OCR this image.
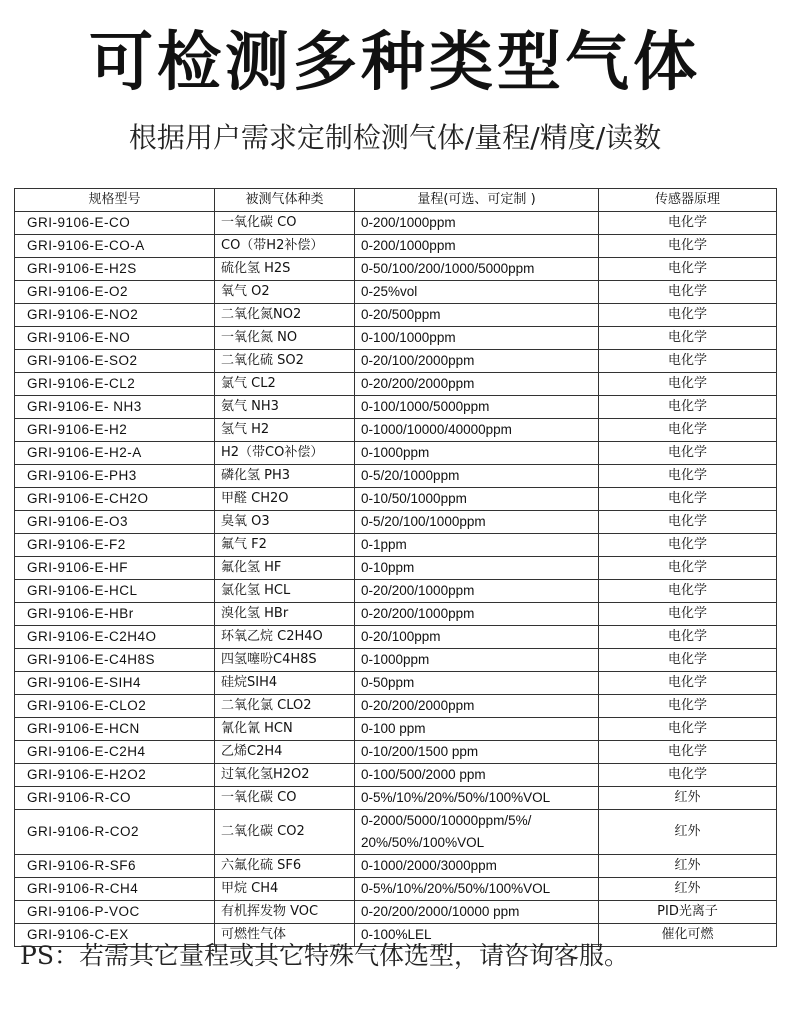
可检测多种类型气体
根据用户需求定制检测气体/量程/精度/读数
规格型号	被测气体种类	量程(可选、可定制 )	传感器原理
GRI-9106-E-CO	一氧化碳 CO	0-200/1000ppm	电化学
GRI-9106-E-CO-A	CO（带H2补偿）	0-200/1000ppm	电化学
GRI-9106-E-H2S	硫化氢 H2S	0-50/100/200/1000/5000ppm	电化学
GRI-9106-E-O2	氧气 O2	0-25%vol	电化学
GRI-9106-E-NO2	二氧化氮NO2	0-20/500ppm	电化学
GRI-9106-E-NO	一氧化氮 NO	0-100/1000ppm	电化学
GRI-9106-E-SO2	二氧化硫 SO2	0-20/100/2000ppm	电化学
GRI-9106-E-CL2	氯气 CL2	0-20/200/2000ppm	电化学
GRI-9106-E- NH3	氨气 NH3	0-100/1000/5000ppm	电化学
GRI-9106-E-H2	氢气 H2	0-1000/10000/40000ppm	电化学
GRI-9106-E-H2-A	H2（带CO补偿）	0-1000ppm	电化学
GRI-9106-E-PH3	磷化氢 PH3	0-5/20/1000ppm	电化学
GRI-9106-E-CH2O	甲醛 CH2O	0-10/50/1000ppm	电化学
GRI-9106-E-O3	臭氧 O3	0-5/20/100/1000ppm	电化学
GRI-9106-E-F2	氟气 F2	0-1ppm	电化学
GRI-9106-E-HF	氟化氢 HF	0-10ppm	电化学
GRI-9106-E-HCL	氯化氢 HCL	0-20/200/1000ppm	电化学
GRI-9106-E-HBr	溴化氢 HBr	0-20/200/1000ppm	电化学
GRI-9106-E-C2H4O	环氧乙烷 C2H4O	0-20/100ppm	电化学
GRI-9106-E-C4H8S	四氢噻吩C4H8S	0-1000ppm	电化学
GRI-9106-E-SIH4	硅烷SIH4	0-50ppm	电化学
GRI-9106-E-CLO2	二氧化氯 CLO2	0-20/200/2000ppm	电化学
GRI-9106-E-HCN	氰化氰 HCN	0-100 ppm	电化学
GRI-9106-E-C2H4	乙烯C2H4	0-10/200/1500 ppm	电化学
GRI-9106-E-H2O2	过氧化氢H2O2	0-100/500/2000 ppm	电化学
GRI-9106-R-CO	一氧化碳 CO	0-5%/10%/20%/50%/100%VOL	红外
GRI-9106-R-CO2	二氧化碳 CO2	0-2000/5000/10000ppm/5%/ 20%/50%/100%VOL	红外
GRI-9106-R-SF6	六氟化硫 SF6	0-1000/2000/3000ppm	红外
GRI-9106-R-CH4	甲烷 CH4	0-5%/10%/20%/50%/100%VOL	红外
GRI-9106-P-VOC	有机挥发物 VOC	0-20/200/2000/10000 ppm	PID光离子
GRI-9106-C-EX	可燃性气体	0-100%LEL	催化可燃
PS：若需其它量程或其它特殊气体选型，请咨询客服。
